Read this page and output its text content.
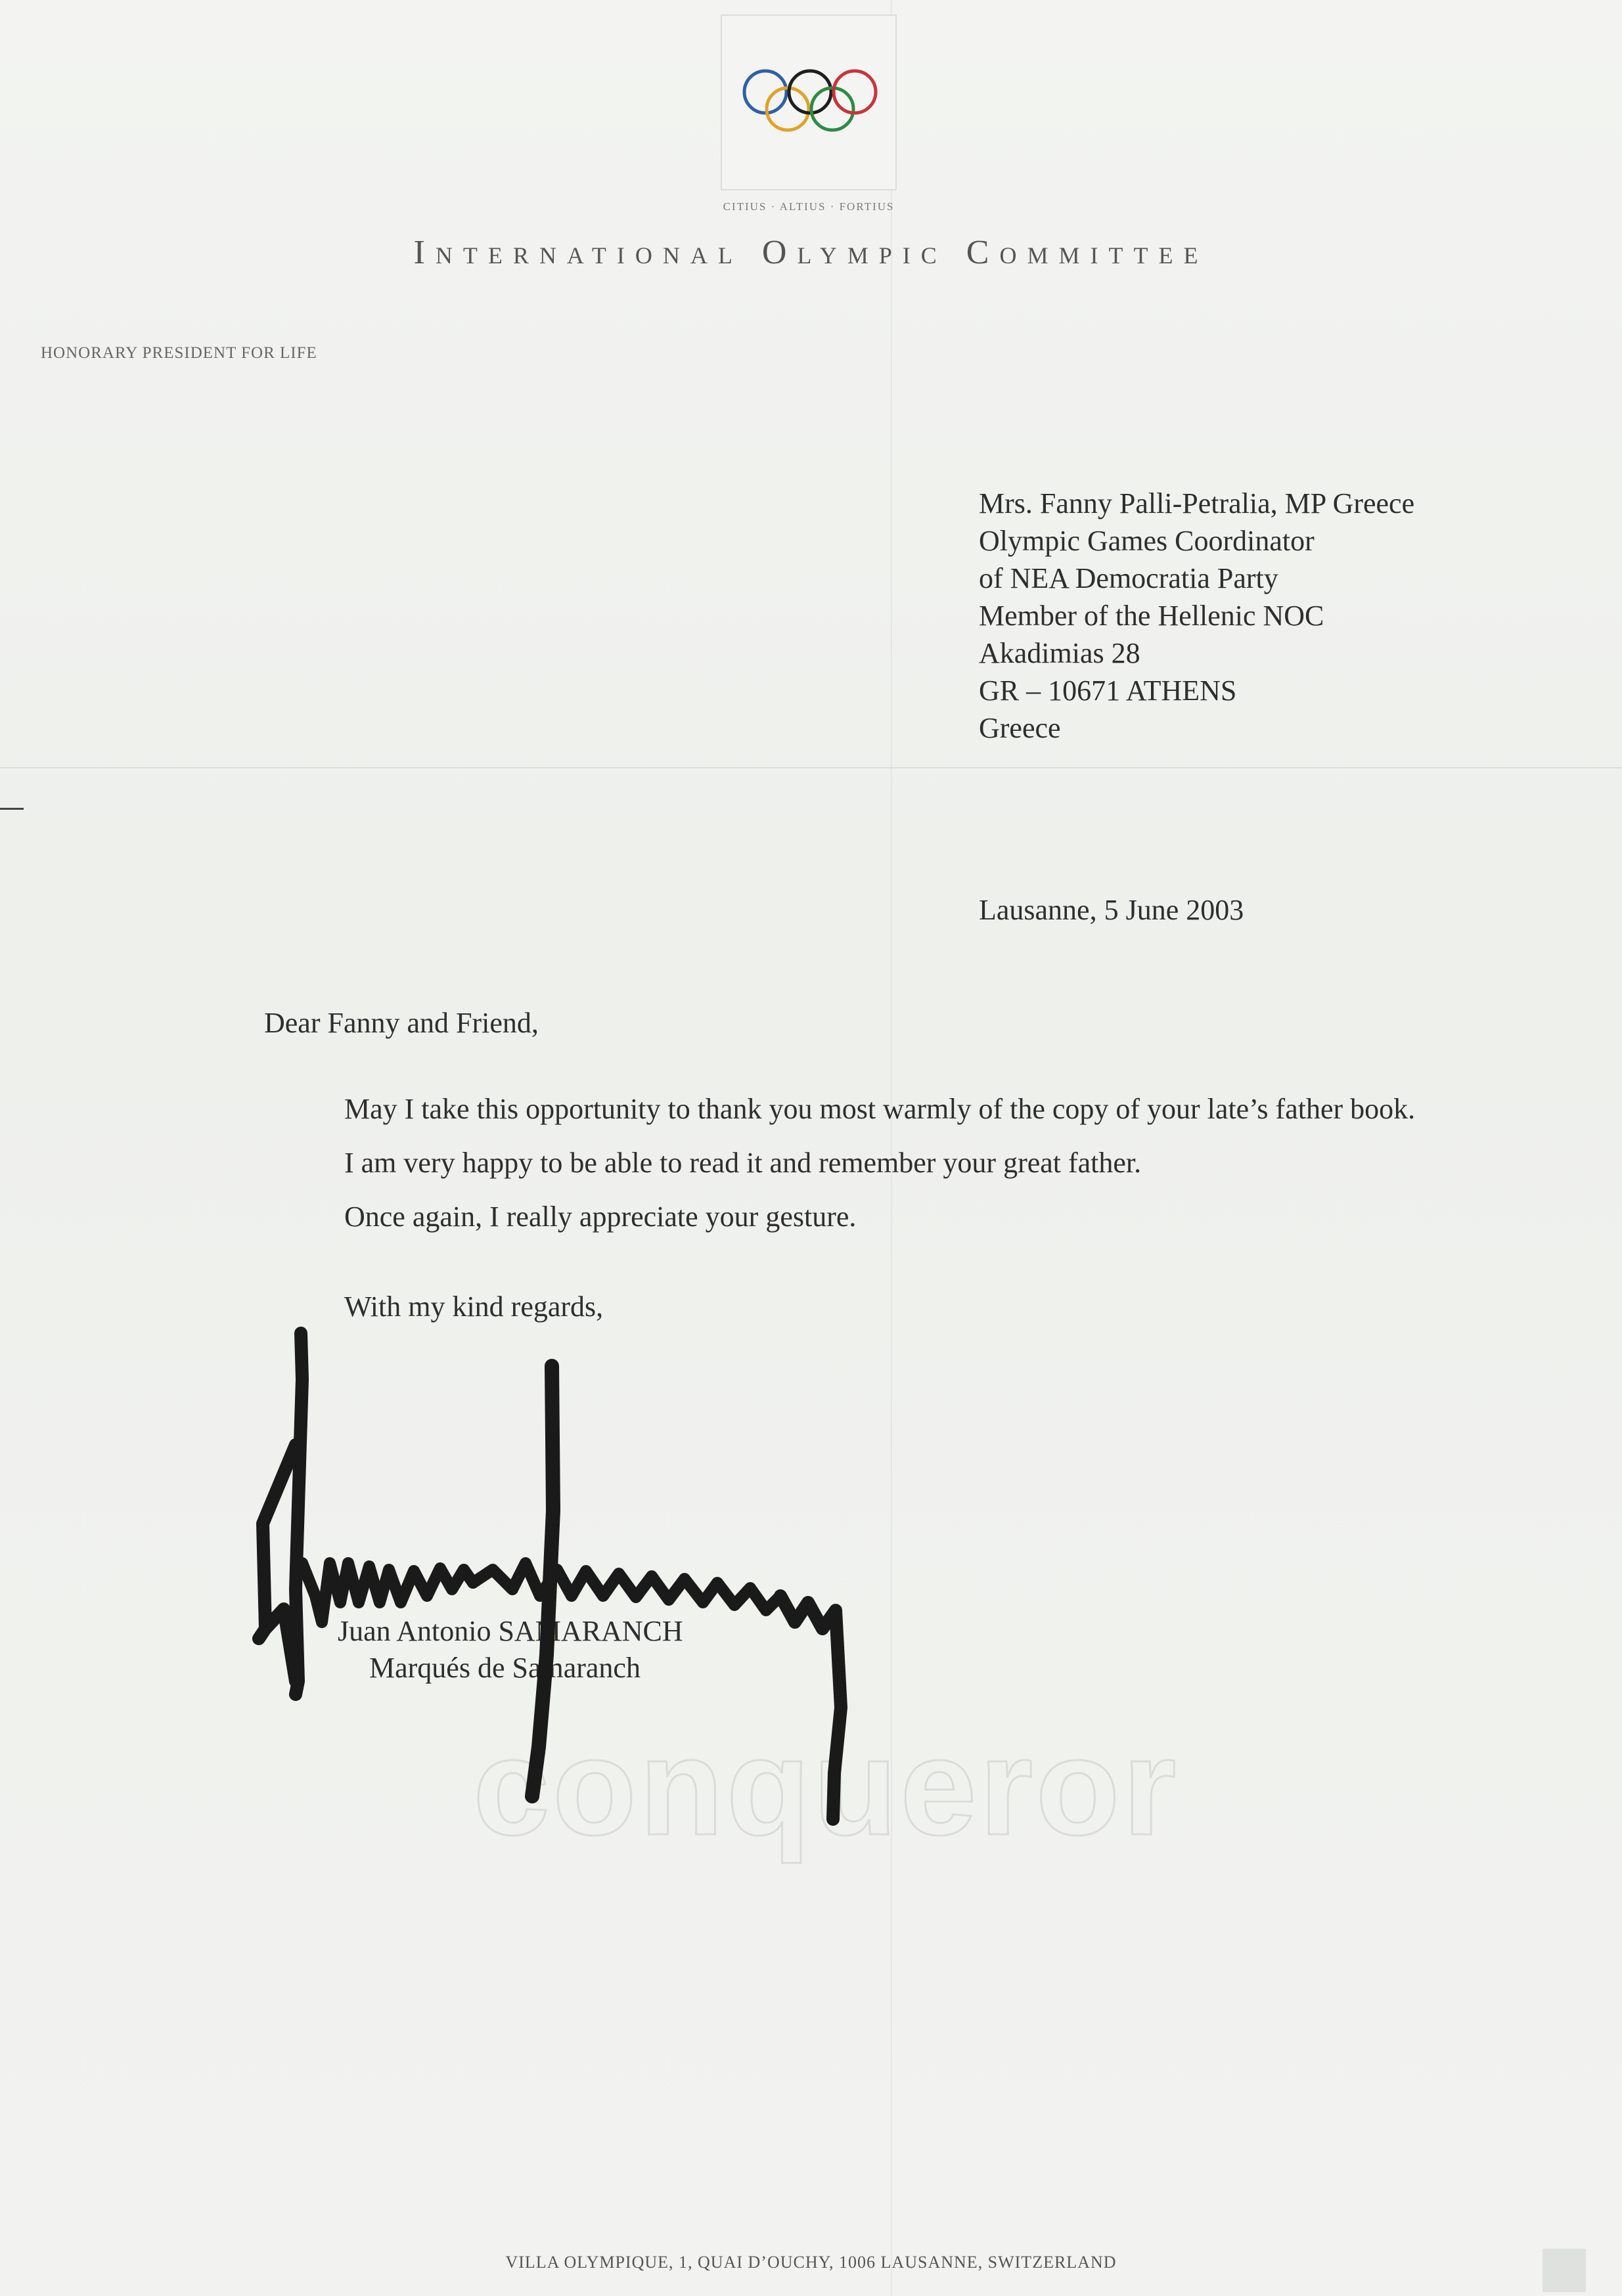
conqueror
CITIUS · ALTIUS · FORTIUS
International Olympic Committee
HONORARY PRESIDENT FOR LIFE
Mrs. Fanny Palli-Petralia, MP Greece
Olympic Games Coordinator
of NEA Democratia Party
Member of the Hellenic NOC
Akadimias 28
GR – 10671 ATHENS
Greece
Lausanne, 5 June 2003
Dear Fanny and Friend,

May I take this opportunity to thank you most warmly of the copy of your late’s father book.

I am very happy to be able to read it and remember your great father.

Once again, I really appreciate your gesture.

With my kind regards,
Juan Antonio SAMARANCH
Marqués de Samaranch
VILLA OLYMPIQUE, 1, QUAI D’OUCHY, 1006 LAUSANNE, SWITZERLAND
